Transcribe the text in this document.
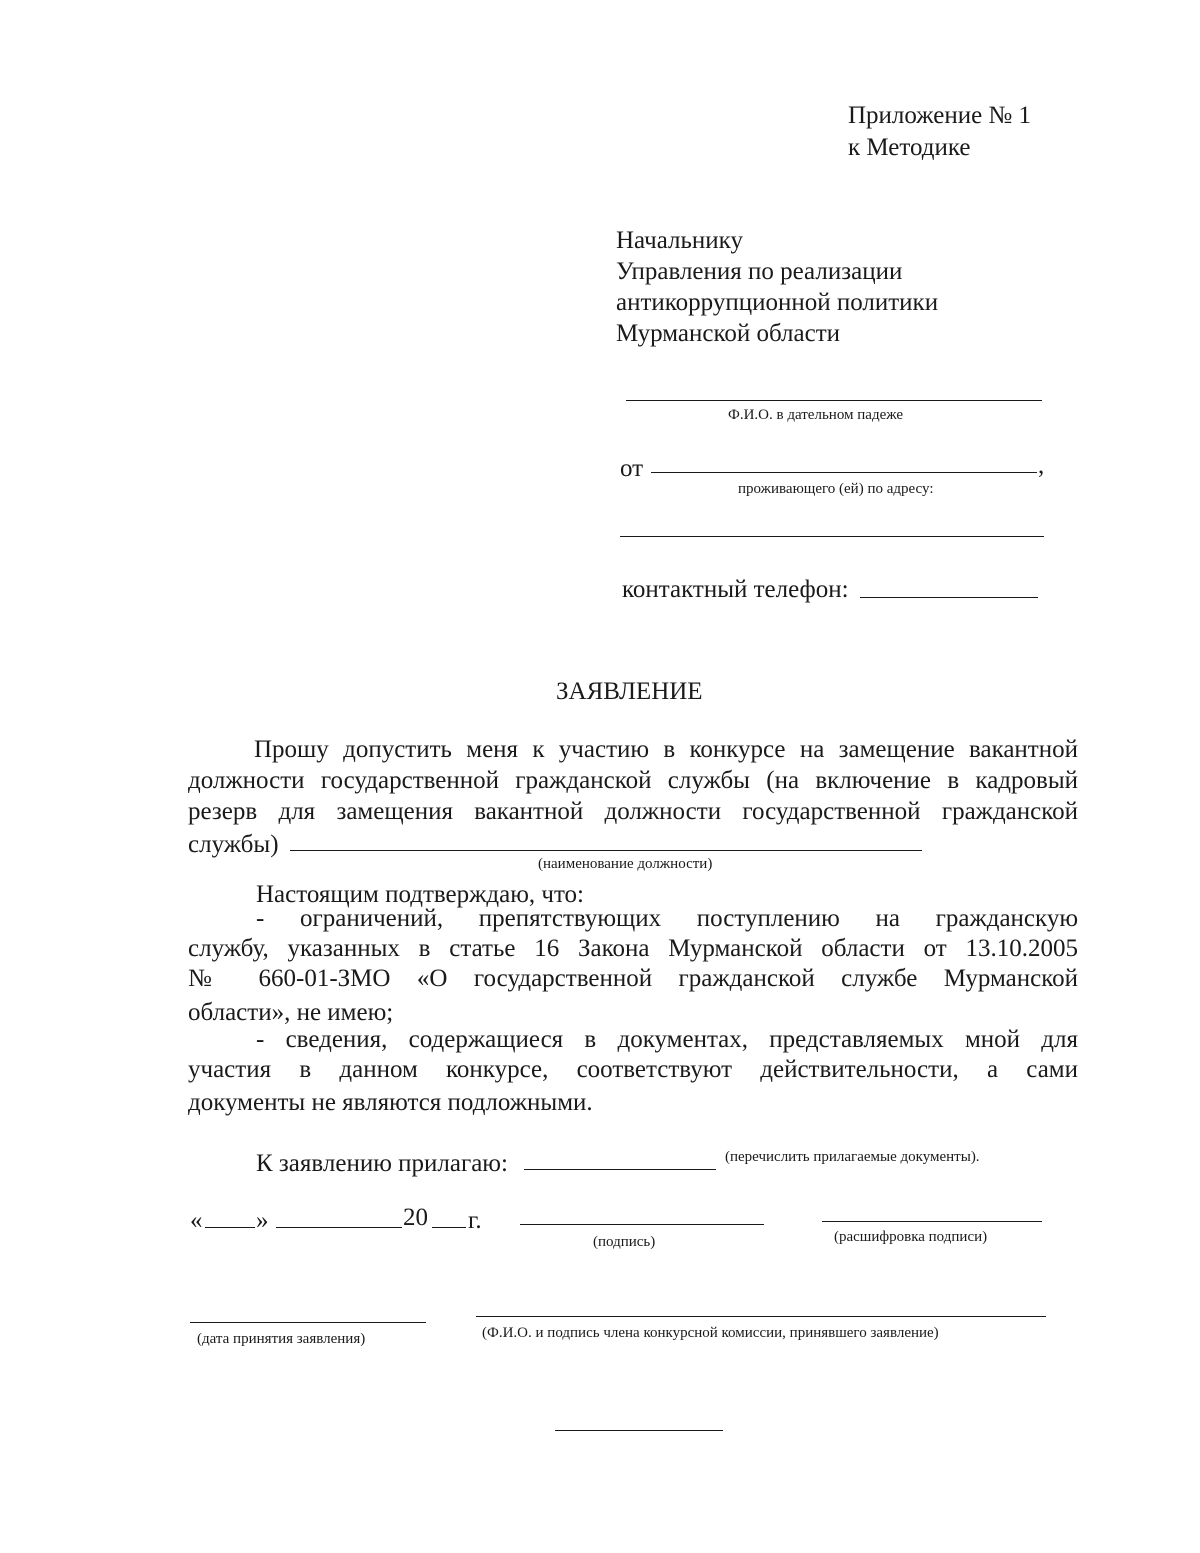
Приложение № 1
к Методике
Начальнику
Управления по реализации
антикоррупционной политики
Мурманской области
Ф.И.О. в дательном падеже
от	,
проживающего (ей) по адресу:
контактный телефон:
ЗАЯВЛЕНИЕ
Прошу допустить меня к участию в конкурсе на замещение вакантной
должности государственной гражданской службы (на включение в кадровый
резерв для замещения вакантной должности государственной гражданской
службы)
(наименование должности)
Настоящим подтверждаю, что:
- ограничений, препятствующих поступлению на гражданскую
службу, указанных в статье 16 Закона Мурманской области от 13.10.2005
№ 660-01-ЗМО «О государственной гражданской службе Мурманской
области», не имею;
- сведения, содержащиеся в документах, представляемых мной для
участия в данном конкурсе, соответствуют действительности, а сами
документы не являются подложными.
К заявлению прилагаю:	(перечислить прилагаемые документы).
« »	20 г.
(подпись)	(расшифровка подписи)
(дата принятия заявления)	(Ф.И.О. и подпись члена конкурсной комиссии, принявшего заявление)
